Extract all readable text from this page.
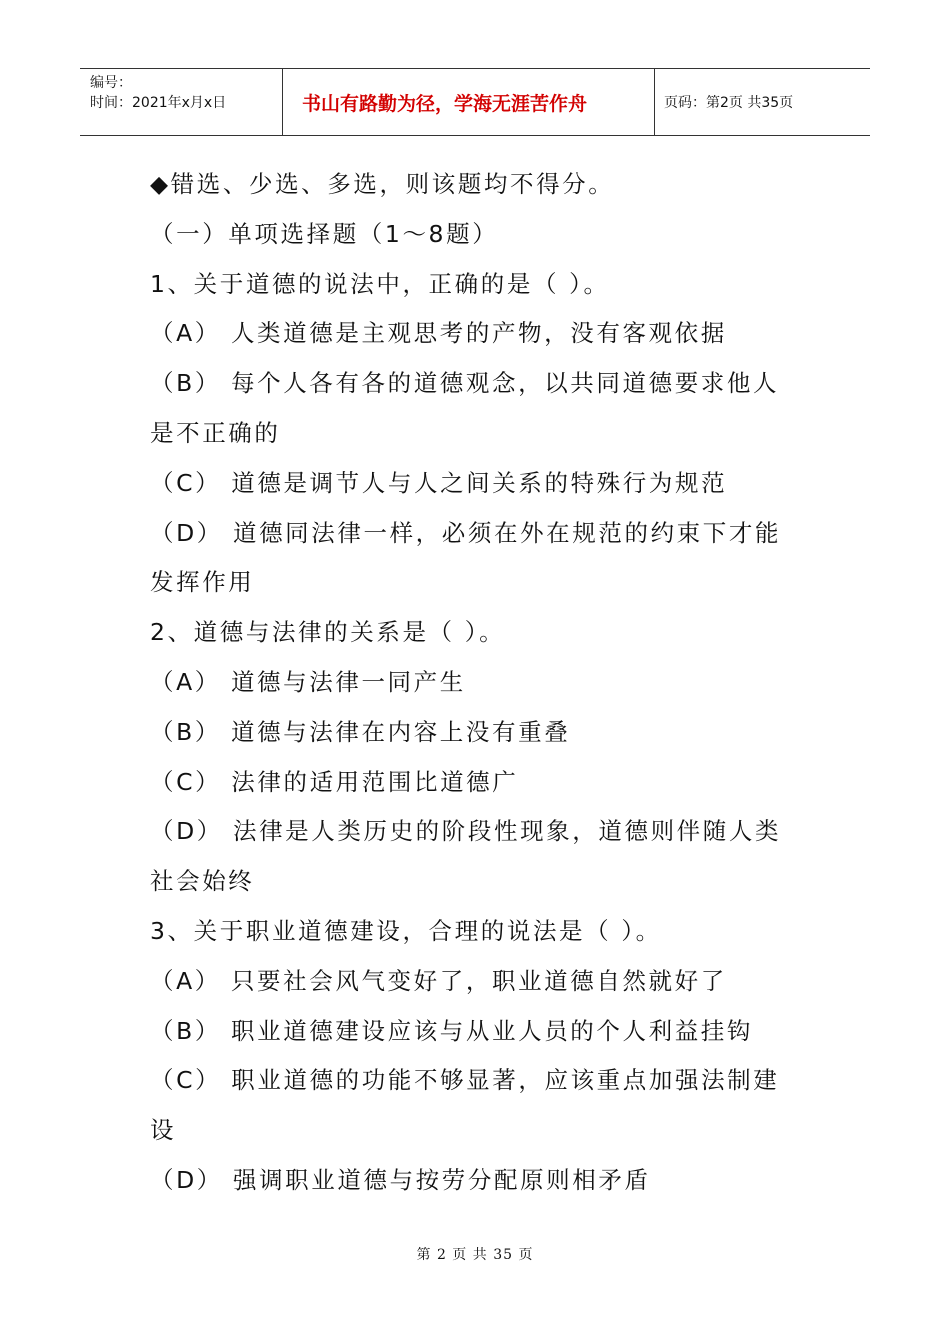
编号：
时间：2021年x月x日	书山有路勤为径，学海无涯苦作舟	页码：第2页 共35页
◆错选、少选、多选，则该题均不得分。
（一）单项选择题（1～8题）
1、关于道德的说法中，正确的是（ ）。
（A） 人类道德是主观思考的产物，没有客观依据
（B） 每个人各有各的道德观念，以共同道德要求他人
是不正确的
（C） 道德是调节人与人之间关系的特殊行为规范
（D） 道德同法律一样，必须在外在规范的约束下才能
发挥作用
2、道德与法律的关系是（ ）。
（A） 道德与法律一同产生
（B） 道德与法律在内容上没有重叠
（C） 法律的适用范围比道德广
（D） 法律是人类历史的阶段性现象，道德则伴随人类
社会始终
3、关于职业道德建设，合理的说法是（ ）。
（A） 只要社会风气变好了，职业道德自然就好了
（B） 职业道德建设应该与从业人员的个人利益挂钩
（C） 职业道德的功能不够显著，应该重点加强法制建
设
（D） 强调职业道德与按劳分配原则相矛盾
第 2 页 共 35 页
